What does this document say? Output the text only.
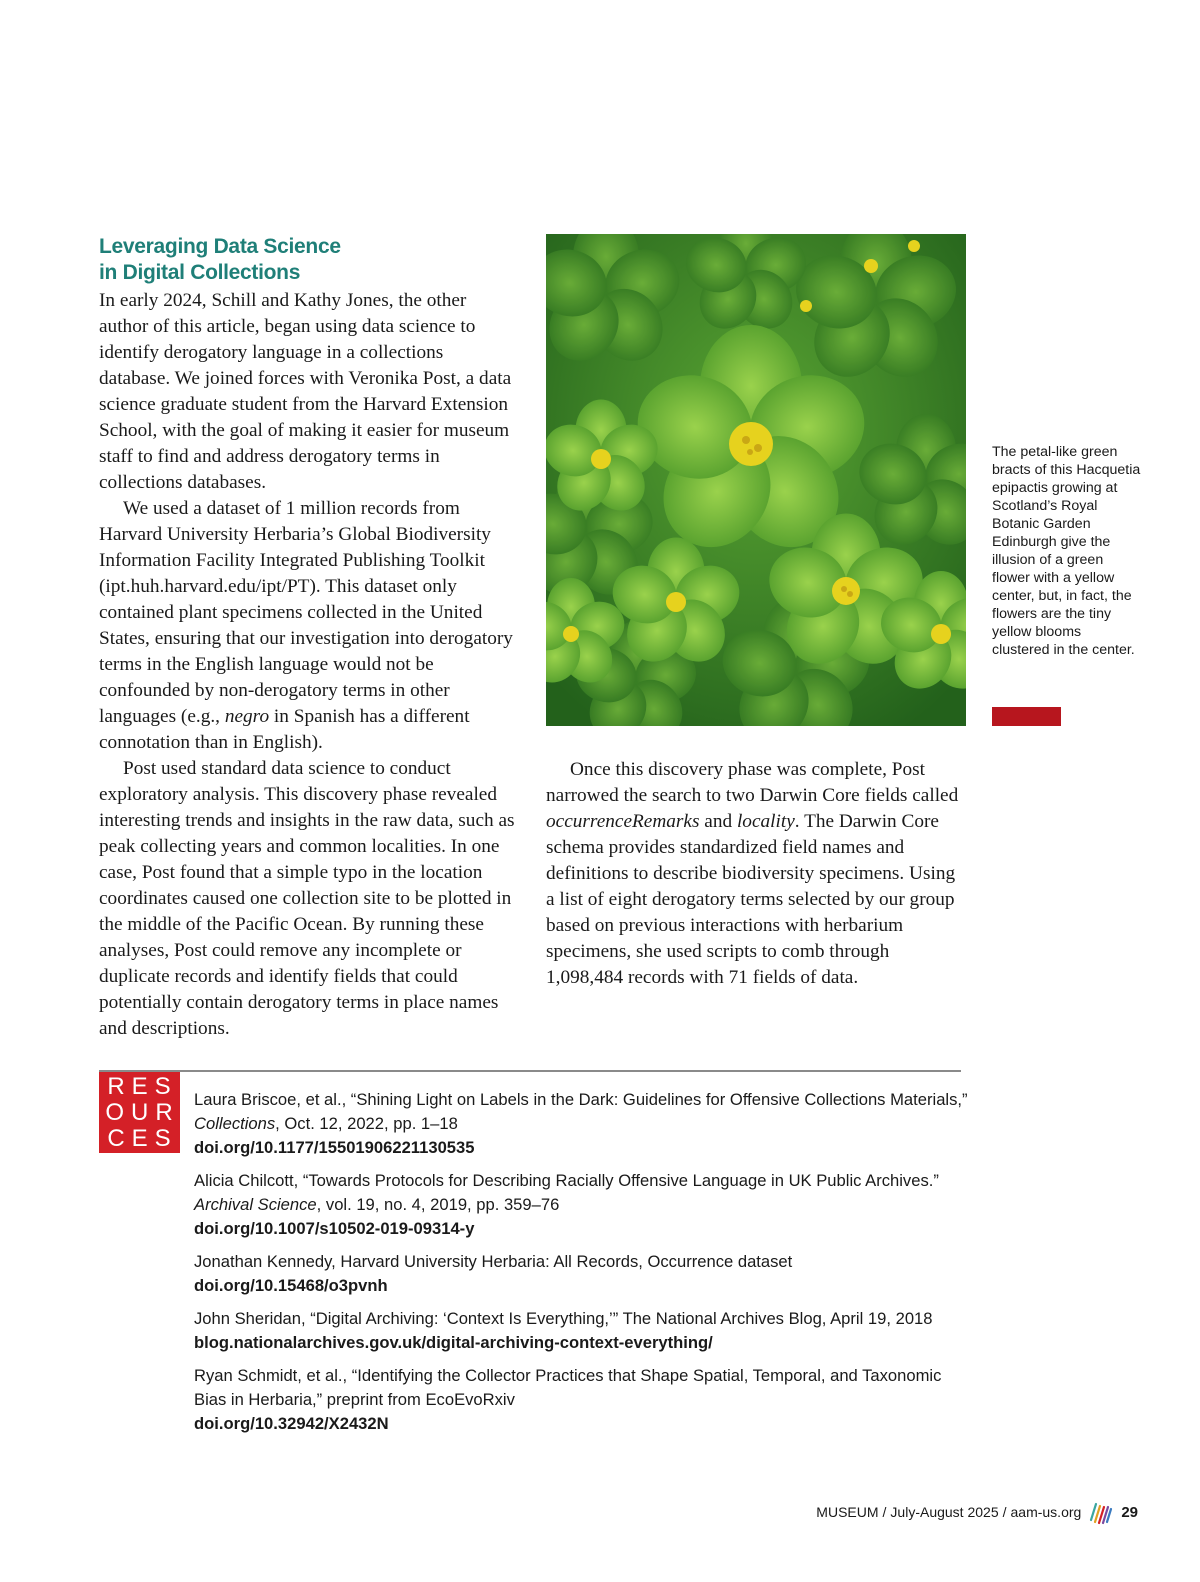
Leveraging Data Science
in Digital Collections

In early 2024, Schill and Kathy Jones, the other author of this article, began using data science to identify derogatory language in a collections database. We joined forces with Veronika Post, a data science graduate student from the Harvard Extension School, with the goal of making it easier for museum staff to find and address derogatory terms in collections databases.

We used a dataset of 1 million records from Harvard University Herbaria’s Global Biodiversity Information Facility Integrated Publishing Toolkit (ipt.huh.harvard.edu/ipt/PT). This dataset only contained plant specimens collected in the United States, ensuring that our investigation into derogatory terms in the English language would not be confounded by non-derogatory terms in other languages (e.g., negro in Spanish has a different connotation than in English).

Post used standard data science to conduct exploratory analysis. This discovery phase revealed interesting trends and insights in the raw data, such as peak collecting years and common localities. In one case, Post found that a simple typo in the location coordinates caused one collection site to be plotted in the middle of the Pacific Ocean. By running these analyses, Post could remove any incomplete or duplicate records and identify fields that could potentially contain derogatory terms in place names and descriptions.

The petal-like green bracts of this Hacquetia epipactis growing at Scotland’s Royal Botanic Garden Edinburgh give the illusion of a green flower with a yellow center, but, in fact, the flowers are the tiny yellow blooms clustered in the center.

Once this discovery phase was complete, Post narrowed the search to two Darwin Core fields called occurrenceRemarks and locality. The Darwin Core schema provides standardized field names and definitions to describe biodiversity specimens. Using a list of eight derogatory terms selected by our group based on previous interactions with herbarium specimens, she used scripts to comb through 1,098,484 records with 71 fields of data.

RES
OUR
CES
Laura Briscoe, et al., “Shining Light on Labels in the Dark: Guidelines for Offensive Collections Materials,” Collections, Oct. 12, 2022, pp. 1–18
doi.org/10.1177/15501906221130535
Alicia Chilcott, “Towards Protocols for Describing Racially Offensive Language in UK Public Archives.” Archival Science, vol. 19, no. 4, 2019, pp. 359–76
doi.org/10.1007/s10502-019-09314-y
Jonathan Kennedy, Harvard University Herbaria: All Records, Occurrence dataset
doi.org/10.15468/o3pvnh
John Sheridan, “Digital Archiving: ‘Context Is Everything,’” The National Archives Blog, April 19, 2018
blog.nationalarchives.gov.uk/digital-archiving-context-everything/
Ryan Schmidt, et al., “Identifying the Collector Practices that Shape Spatial, Temporal, and Taxonomic Bias in Herbaria,” preprint from EcoEvoRxiv
doi.org/10.32942/X2432N
MUSEUM / July-August 2025 / aam-us.org	29
